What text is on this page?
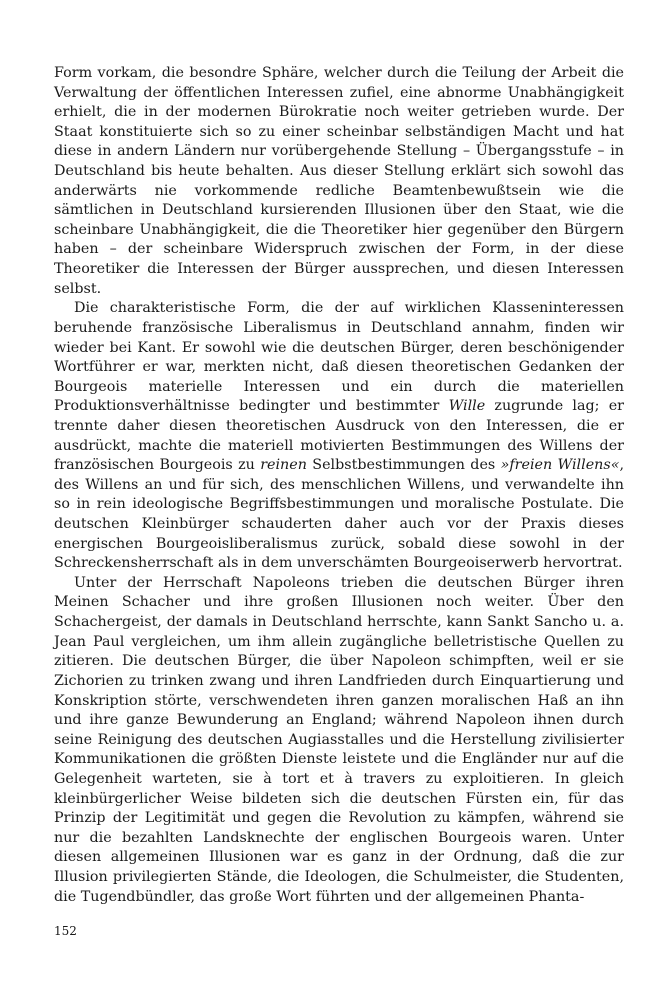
Form vorkam, die besondre Sphäre, welcher durch die Teilung der Arbeit die Verwaltung der öffentlichen Interessen zufiel, eine abnorme Unabhängigkeit erhielt, die in der modernen Bürokratie noch weiter getrieben wurde. Der Staat konstituierte sich so zu einer scheinbar selbständigen Macht und hat diese in andern Ländern nur vorübergehende Stellung – Übergangsstufe – in Deutschland bis heute behalten. Aus dieser Stellung erklärt sich sowohl das anderwärts nie vorkommende redliche Beamtenbewußtsein wie die sämtlichen in Deutschland kursierenden Illusionen über den Staat, wie die scheinbare Unabhängigkeit, die die Theoretiker hier gegenüber den Bürgern haben – der scheinbare Widerspruch zwischen der Form, in der diese Theoretiker die Interessen der Bürger aussprechen, und diesen Interessen selbst.

Die charakteristische Form, die der auf wirklichen Klasseninteressen beruhende französische Liberalismus in Deutschland annahm, finden wir wieder bei Kant. Er sowohl wie die deutschen Bürger, deren beschönigender Wortführer er war, merkten nicht, daß diesen theoretischen Gedanken der Bourgeois materielle Interessen und ein durch die materiellen Produktionsverhältnisse bedingter und bestimmter Wille zugrunde lag; er trennte daher diesen theoretischen Ausdruck von den Interessen, die er ausdrückt, machte die materiell motivierten Bestimmungen des Willens der französischen Bourgeois zu reinen Selbstbestimmungen des »freien Willens«, des Willens an und für sich, des menschlichen Willens, und verwandelte ihn so in rein ideologische Begriffsbestimmungen und moralische Postulate. Die deutschen Kleinbürger schauderten daher auch vor der Praxis dieses energischen Bourgeoisliberalismus zurück, sobald diese sowohl in der Schreckensherrschaft als in dem unverschämten Bourgeoiserwerb hervortrat.

Unter der Herrschaft Napoleons trieben die deutschen Bürger ihren Meinen Schacher und ihre großen Illusionen noch weiter. Über den Schachergeist, der damals in Deutschland herrschte, kann Sankt Sancho u. a. Jean Paul vergleichen, um ihm allein zugängliche belletristische Quellen zu zitieren. Die deutschen Bürger, die über Napoleon schimpften, weil er sie Zichorien zu trinken zwang und ihren Landfrieden durch Einquartierung und Konskription störte, verschwendeten ihren ganzen moralischen Haß an ihn und ihre ganze Bewunderung an England; während Napoleon ihnen durch seine Reinigung des deutschen Augiasstalles und die Herstellung zivilisierter Kommunikationen die größten Dienste leistete und die Engländer nur auf die Gelegenheit warteten, sie à tort et à travers zu exploitieren. In gleich kleinbürgerlicher Weise bildeten sich die deutschen Fürsten ein, für das Prinzip der Legitimität und gegen die Revolution zu kämpfen, während sie nur die bezahlten Landsknechte der englischen Bourgeois waren. Unter diesen allgemeinen Illusionen war es ganz in der Ordnung, daß die zur Illusion privilegierten Stände, die Ideologen, die Schulmeister, die Studenten, die Tugendbündler, das große Wort führten und der allgemeinen Phanta-

152
